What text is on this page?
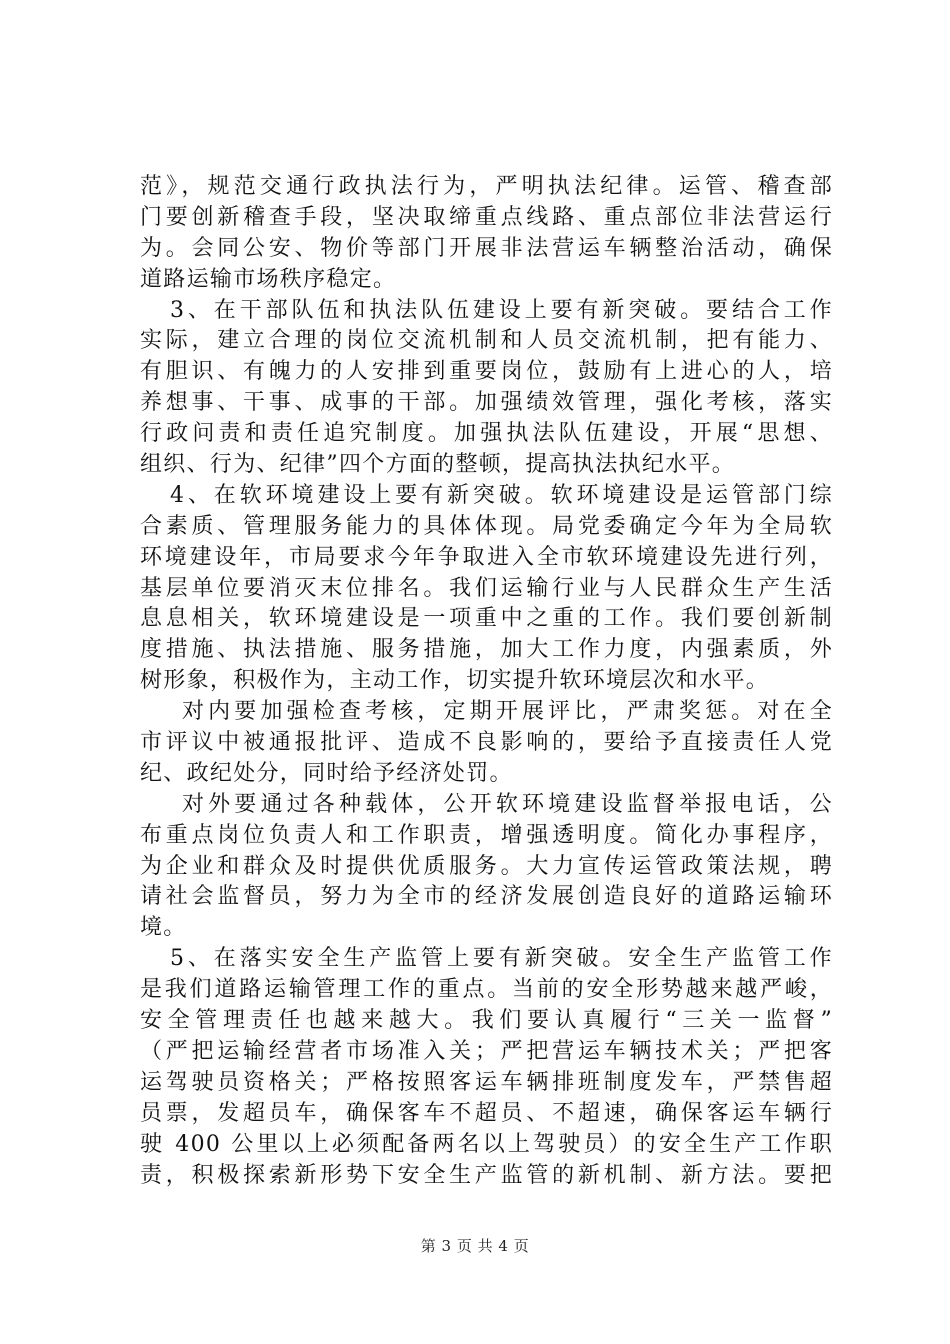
范》，规范交通行政执法行为，严明执法纪律。运管、稽查部
门要创新稽查手段，坚决取缔重点线路、重点部位非法营运行
为。会同公安、物价等部门开展非法营运车辆整治活动，确保
道路运输市场秩序稳定。
3、在干部队伍和执法队伍建设上要有新突破。要结合工作
实际，建立合理的岗位交流机制和人员交流机制，把有能力、
有胆识、有魄力的人安排到重要岗位，鼓励有上进心的人，培
养想事、干事、成事的干部。加强绩效管理，强化考核，落实
行政问责和责任追究制度。加强执法队伍建设，开展“思想、
组织、行为、纪律”四个方面的整顿，提高执法执纪水平。
4、在软环境建设上要有新突破。软环境建设是运管部门综
合素质、管理服务能力的具体体现。局党委确定今年为全局软
环境建设年，市局要求今年争取进入全市软环境建设先进行列，
基层单位要消灭末位排名。我们运输行业与人民群众生产生活
息息相关，软环境建设是一项重中之重的工作。我们要创新制
度措施、执法措施、服务措施，加大工作力度，内强素质，外
树形象，积极作为，主动工作，切实提升软环境层次和水平。
对内要加强检查考核，定期开展评比，严肃奖惩。对在全
市评议中被通报批评、造成不良影响的，要给予直接责任人党
纪、政纪处分，同时给予经济处罚。
对外要通过各种载体，公开软环境建设监督举报电话，公
布重点岗位负责人和工作职责，增强透明度。简化办事程序，
为企业和群众及时提供优质服务。大力宣传运管政策法规，聘
请社会监督员，努力为全市的经济发展创造良好的道路运输环
境。
5、在落实安全生产监管上要有新突破。安全生产监管工作
是我们道路运输管理工作的重点。当前的安全形势越来越严峻，
安全管理责任也越来越大。我们要认真履行“三关一监督”
（严把运输经营者市场准入关；严把营运车辆技术关；严把客
运驾驶员资格关；严格按照客运车辆排班制度发车，严禁售超
员票，发超员车，确保客车不超员、不超速，确保客运车辆行
驶 400 公里以上必须配备两名以上驾驶员）的安全生产工作职
责，积极探索新形势下安全生产监管的新机制、新方法。要把
第 3 页 共 4 页
